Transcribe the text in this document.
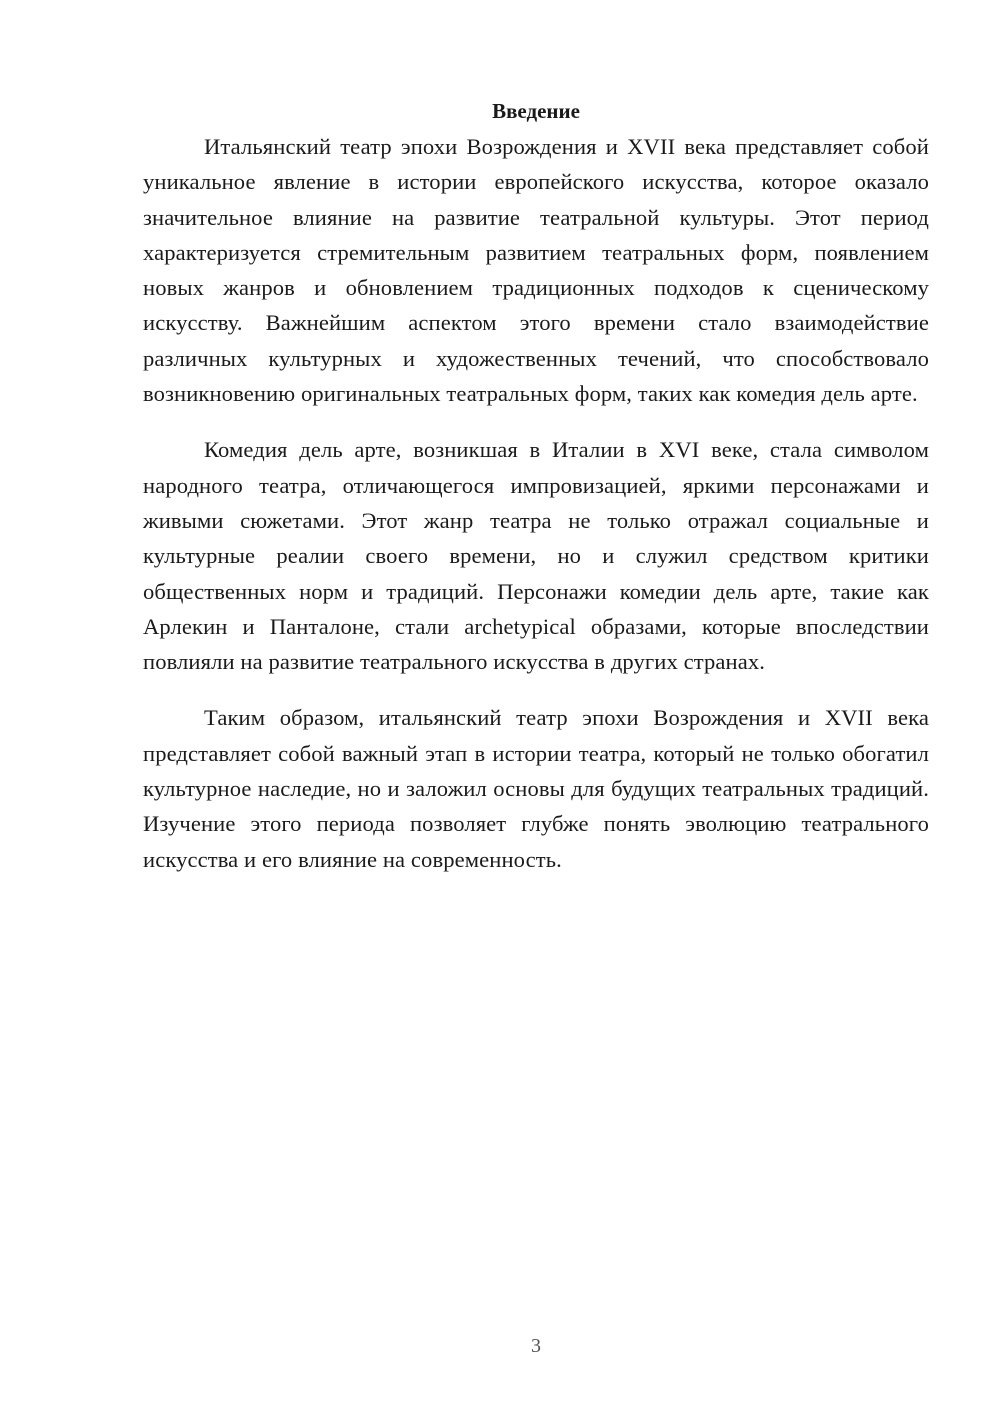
Введение

Итальянский театр эпохи Возрождения и XVII века представляет собой уникальное явление в истории европейского искусства, которое оказало значительное влияние на развитие театральной культуры. Этот период характеризуется стремительным развитием театральных форм, появлением новых жанров и обновлением традиционных подходов к сценическому искусству. Важнейшим аспектом этого времени стало взаимодействие различных культурных и художественных течений, что способствовало возникновению оригинальных театральных форм, таких как комедия дель арте.

Комедия дель арте, возникшая в Италии в XVI веке, стала символом народного театра, отличающегося импровизацией, яркими персонажами и живыми сюжетами. Этот жанр театра не только отражал социальные и культурные реалии своего времени, но и служил средством критики общественных норм и традиций. Персонажи комедии дель арте, такие как Арлекин и Панталоне, стали archetypical образами, которые впоследствии повлияли на развитие театрального искусства в других странах.

Таким образом, итальянский театр эпохи Возрождения и XVII века представляет собой важный этап в истории театра, который не только обогатил культурное наследие, но и заложил основы для будущих театральных традиций. Изучение этого периода позволяет глубже понять эволюцию театрального искусства и его влияние на современность.

3
